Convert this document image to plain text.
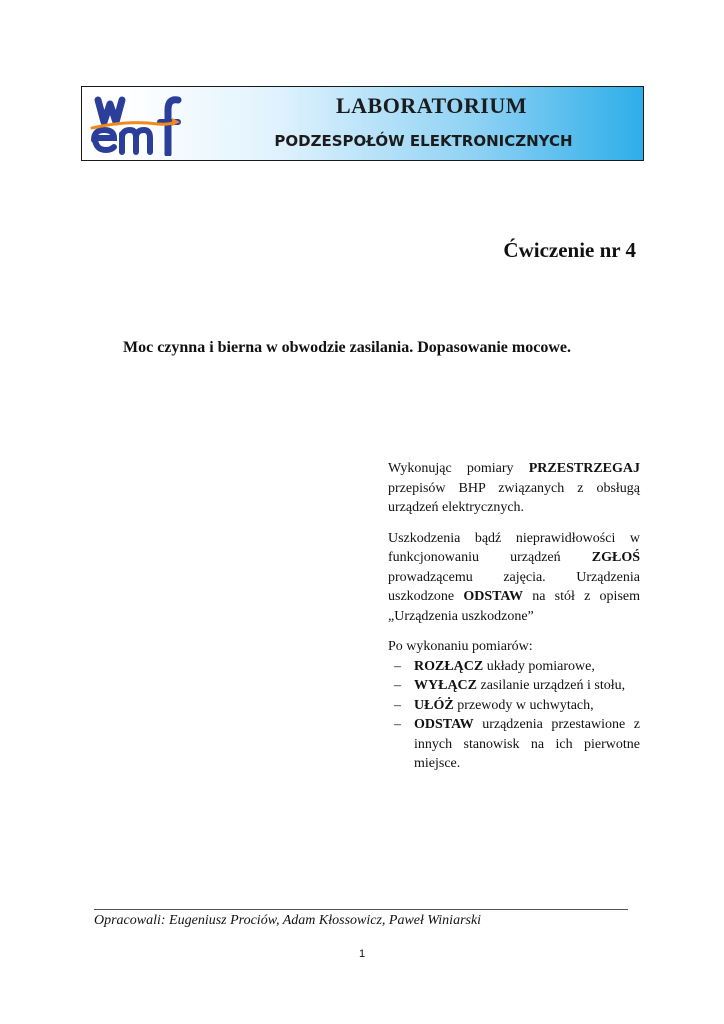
LABORATORIUM
PODZESPOŁÓW ELEKTRONICZNYCH
Ćwiczenie nr 4
Moc czynna i bierna w obwodzie zasilania. Dopasowanie mocowe.

Wykonując pomiary PRZESTRZEGAJ przepisów BHP związanych z obsługą urządzeń elektrycznych.

Uszkodzenia bądź nieprawidłowości w funkcjonowaniu urządzeń ZGŁOŚ prowadzącemu zajęcia. Urządzenia uszkodzone ODSTAW na stół z opisem „Urządzenia uszkodzone”

Po wykonaniu pomiarów:
– ROZŁĄCZ układy pomiarowe,
– WYŁĄCZ zasilanie urządzeń i stołu,
– UŁÓŻ przewody w uchwytach,
– ODSTAW urządzenia przestawione z innych stanowisk na ich pierwotne miejsce.
Opracowali: Eugeniusz Prociów, Adam Kłossowicz, Paweł Winiarski
1
